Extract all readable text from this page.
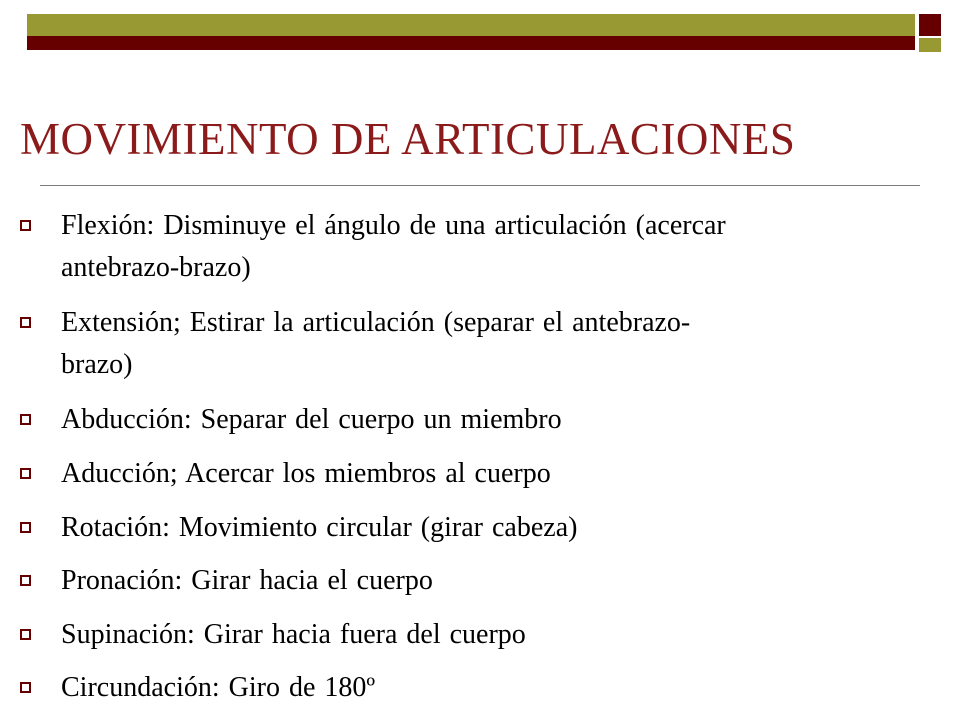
MOVIMIENTO DE ARTICULACIONES
Flexión: Disminuye el ángulo de una articulación (acercar
antebrazo-brazo)
Extensión; Estirar la articulación (separar el antebrazo-
brazo)
Abducción: Separar del cuerpo un miembro
Aducción; Acercar los miembros al cuerpo
Rotación: Movimiento circular (girar cabeza)
Pronación: Girar hacia el cuerpo
Supinación: Girar hacia fuera del cuerpo
Circundación: Giro de 180º
